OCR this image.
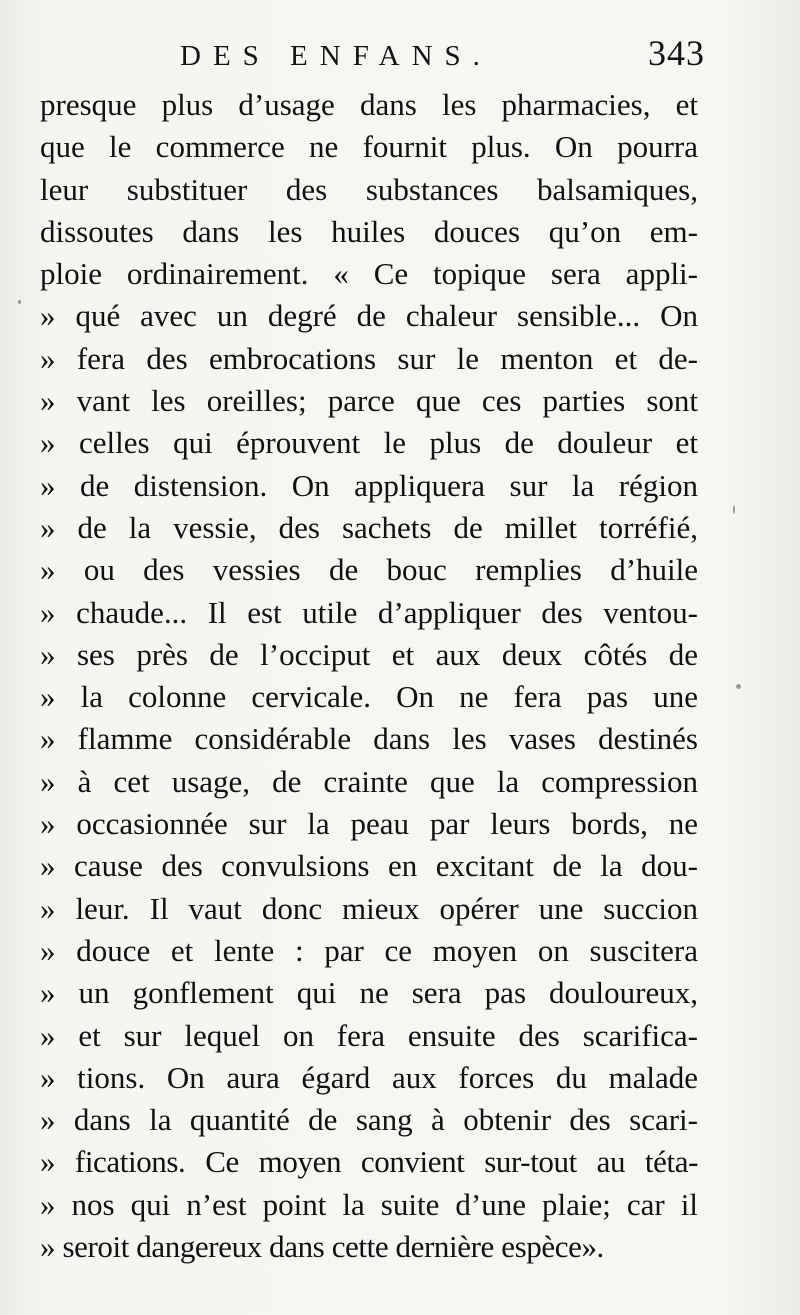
DES ENFANS.	343
presque plus d’usage dans les pharmacies, et
que le commerce ne fournit plus. On pourra
leur substituer des substances balsamiques,
dissoutes dans les huiles douces qu’on em-
ploie ordinairement. « Ce topique sera appli-
» qué avec un degré de chaleur sensible... On
» fera des embrocations sur le menton et de-
» vant les oreilles; parce que ces parties sont
» celles qui éprouvent le plus de douleur et
» de distension. On appliquera sur la région
» de la vessie, des sachets de millet torréfié,
» ou des vessies de bouc remplies d’huile
» chaude... Il est utile d’appliquer des ventou-
» ses près de l’occiput et aux deux côtés de
» la colonne cervicale. On ne fera pas une
» flamme considérable dans les vases destinés
» à cet usage, de crainte que la compression
» occasionnée sur la peau par leurs bords, ne
» cause des convulsions en excitant de la dou-
» leur. Il vaut donc mieux opérer une succion
» douce et lente : par ce moyen on suscitera
» un gonflement qui ne sera pas douloureux,
» et sur lequel on fera ensuite des scarifica-
» tions. On aura égard aux forces du malade
» dans la quantité de sang à obtenir des scari-
» fications. Ce moyen convient sur-tout au téta-
» nos qui n’est point la suite d’une plaie; car il
» seroit dangereux dans cette dernière espèce».
